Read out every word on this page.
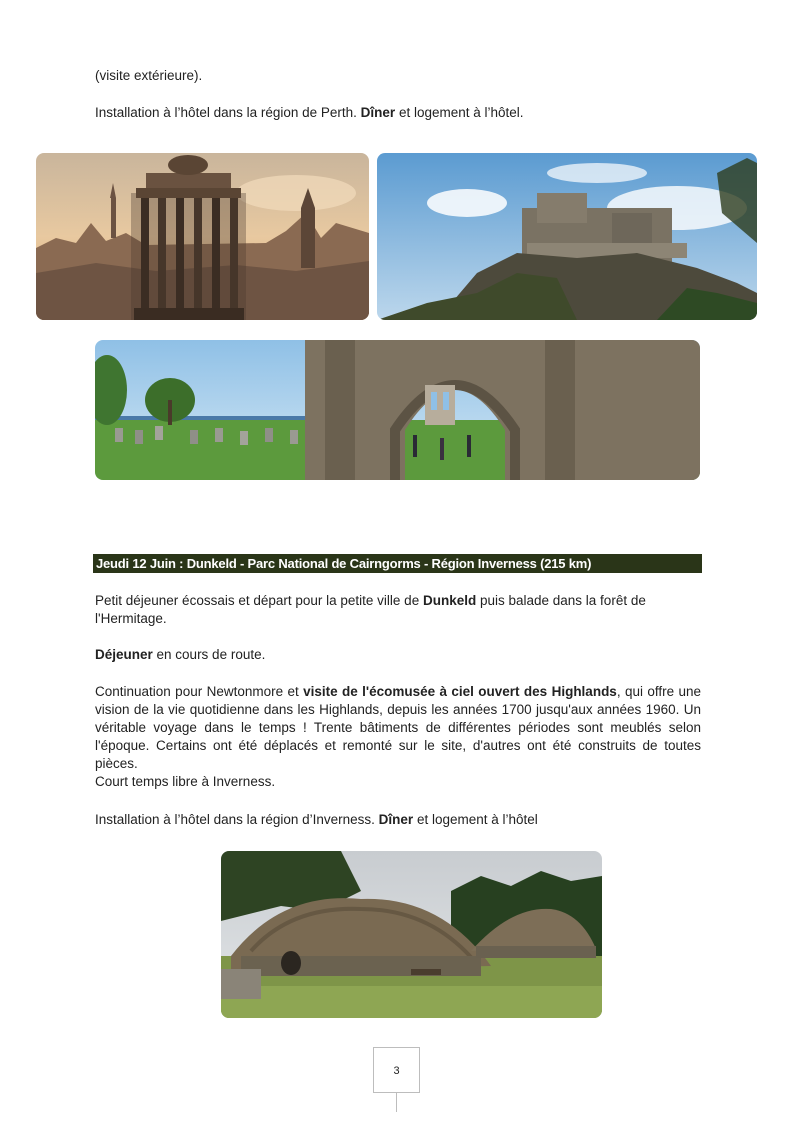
(visite extérieure).

Installation à l’hôtel dans la région de Perth. Dîner et logement à l’hôtel.

Jeudi 12 Juin : Dunkeld - Parc National de Cairngorms - Région Inverness (215 km)

Petit déjeuner écossais et départ pour la petite ville de Dunkeld puis balade dans la forêt de l'Hermitage.

Déjeuner en cours de route.

Continuation pour Newtonmore et visite de l'écomusée à ciel ouvert des Highlands, qui offre une vision de la vie quotidienne dans les Highlands, depuis les années 1700 jusqu'aux années 1960. Un véritable voyage dans le temps ! Trente bâtiments de différentes périodes sont meublés selon l'époque. Certains ont été déplacés et remonté sur le site, d'autres ont été construits de toutes pièces.

Court temps libre à Inverness.

Installation à l’hôtel dans la région d’Inverness. Dîner et logement à l’hôtel

3
